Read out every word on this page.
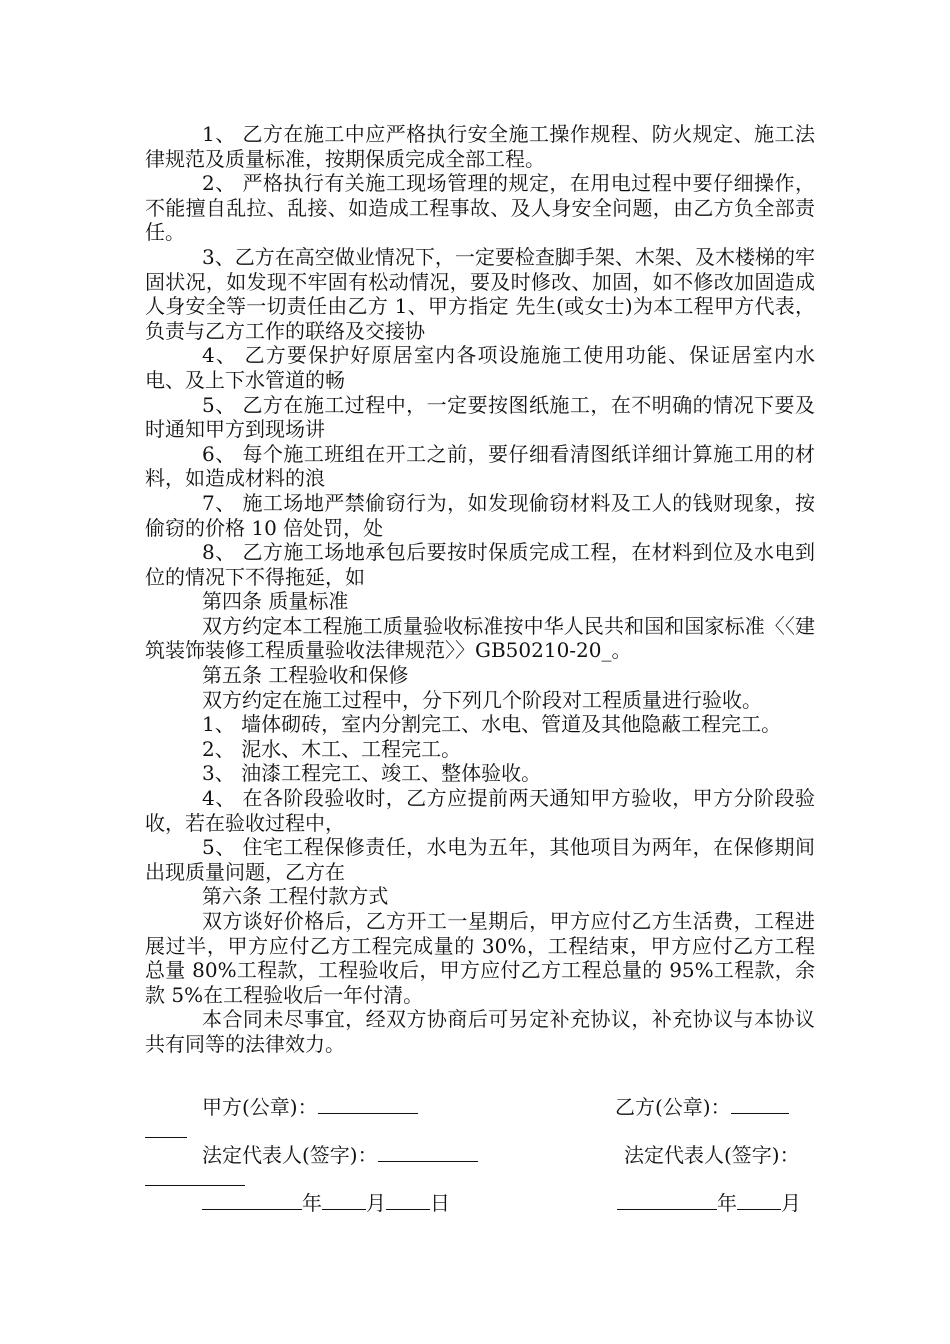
1、 乙方在施工中应严格执行安全施工操作规程、防火规定、施工法律规范及质量标准，按期保质完成全部工程。

2、 严格执行有关施工现场管理的规定，在用电过程中要仔细操作，不能擅自乱拉、乱接、如造成工程事故、及人身安全问题，由乙方负全部责任。

3、乙方在高空做业情况下，一定要检查脚手架、木架、及木楼梯的牢固状况，如发现不牢固有松动情况，要及时修改、加固，如不修改加固造成人身安全等一切责任由乙方 1、甲方指定 先生(或女士)为本工程甲方代表，负责与乙方工作的联络及交接协

4、 乙方要保护好原居室内各项设施施工使用功能、保证居室内水电、及上下水管道的畅

5、 乙方在施工过程中，一定要按图纸施工，在不明确的情况下要及时通知甲方到现场讲

6、 每个施工班组在开工之前，要仔细看清图纸详细计算施工用的材料，如造成材料的浪

7、 施工场地严禁偷窃行为，如发现偷窃材料及工人的钱财现象，按偷窃的价格 10 倍处罚，处

8、 乙方施工场地承包后要按时保质完成工程，在材料到位及水电到位的情况下不得拖延，如

第四条 质量标准

双方约定本工程施工质量验收标准按中华人民共和国和国家标准〈〈建筑装饰装修工程质量验收法律规范〉〉GB50210-20_。

第五条 工程验收和保修

双方约定在施工过程中，分下列几个阶段对工程质量进行验收。

1、 墙体砌砖，室内分割完工、水电、管道及其他隐蔽工程完工。

2、 泥水、木工、工程完工。

3、 油漆工程完工、竣工、整体验收。

4、 在各阶段验收时，乙方应提前两天通知甲方验收，甲方分阶段验收，若在验收过程中，

5、 住宅工程保修责任，水电为五年，其他项目为两年，在保修期间出现质量问题，乙方在

第六条 工程付款方式

双方谈好价格后，乙方开工一星期后，甲方应付乙方生活费，工程进展过半，甲方应付乙方工程完成量的 30%，工程结束，甲方应付乙方工程总量 80%工程款，工程验收后，甲方应付乙方工程总量的 95%工程款，余款 5%在工程验收后一年付清。

本合同未尽事宜，经双方协商后可另定补充协议，补充协议与本协议共有同等的法律效力。

甲方(公章)：	乙方(公章)：
法定代表人(签字)：	法定代表人(签字)：
年 月 日	年 月
